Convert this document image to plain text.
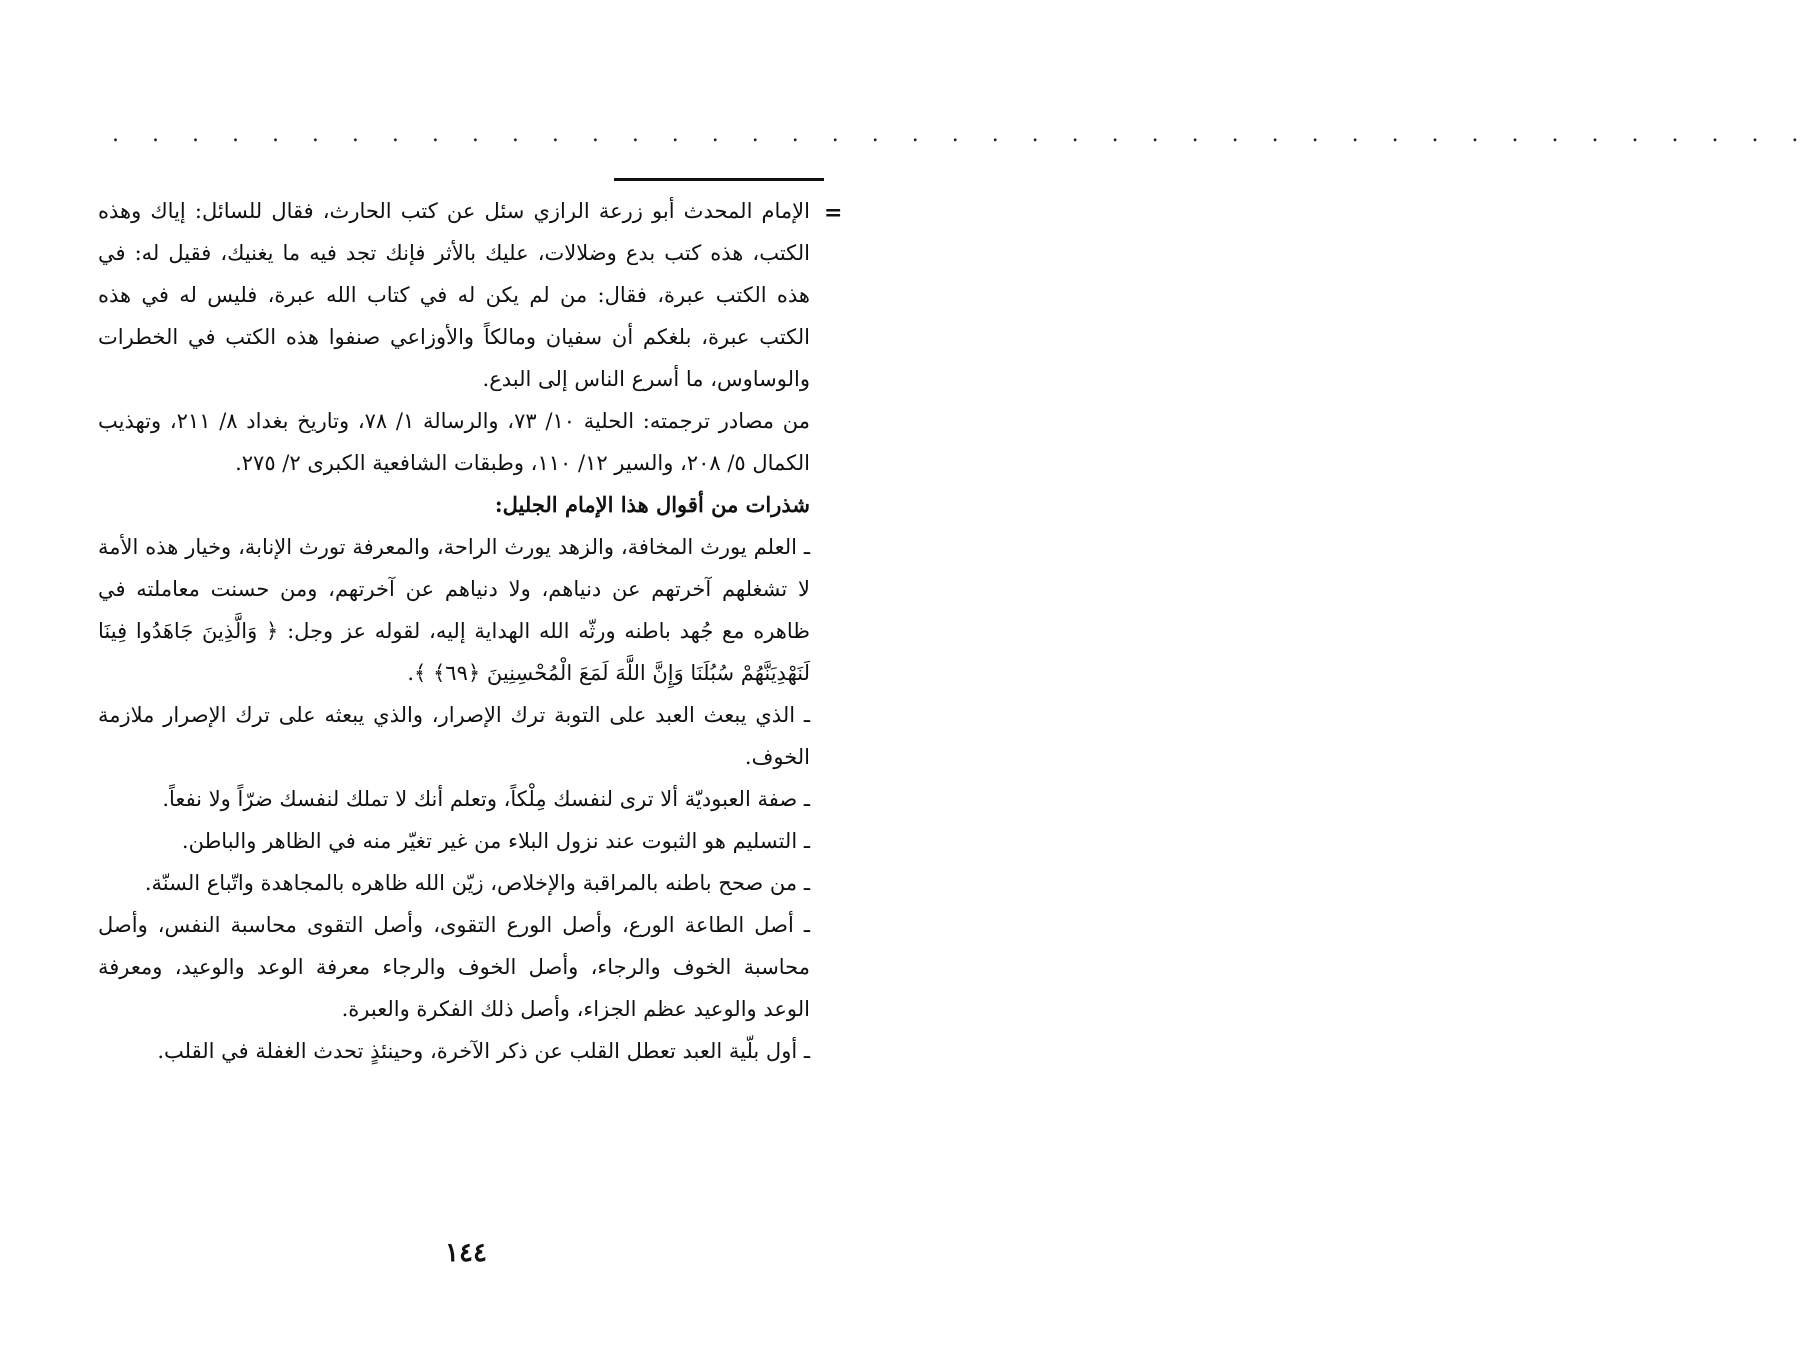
. . . . . . . . . . . . . . . . . . . . . . . . . . . . . . . . . . . . . . . . . . .
=

الإمام المحدث أبو زرعة الرازي سئل عن كتب الحارث، فقال للسائل: إياك وهذه الكتب، هذه كتب بدع وضلالات، عليك بالأثر فإنك تجد فيه ما يغنيك، فقيل له: في هذه الكتب عبرة، فقال: من لم يكن له في كتاب الله عبرة، فليس له في هذه الكتب عبرة، بلغكم أن سفيان ومالكاً والأوزاعي صنفوا هذه الكتب في الخطرات والوساوس، ما أسرع الناس إلى البدع.

من مصادر ترجمته: الحلية ١٠/ ٧٣، والرسالة ١/ ٧٨، وتاريخ بغداد ٨/ ٢١١، وتهذيب الكمال ٥/ ٢٠٨، والسير ١٢/ ١١٠، وطبقات الشافعية الكبرى ٢/ ٢٧٥.

شذرات من أقوال هذا الإمام الجليل:

ـ العلم يورث المخافة، والزهد يورث الراحة، والمعرفة تورث الإنابة، وخيار هذه الأمة لا تشغلهم آخرتهم عن دنياهم، ولا دنياهم عن آخرتهم، ومن حسنت معاملته في ظاهره مع جُهد باطنه ورثّه الله الهداية إليه، لقوله عز وجل: ﴿ وَالَّذِينَ جَاهَدُوا فِينَا لَنَهْدِيَنَّهُمْ سُبُلَنَا وَإِنَّ اللَّهَ لَمَعَ الْمُحْسِنِينَ ﴿٦٩﴾ ﴾.

ـ الذي يبعث العبد على التوبة ترك الإصرار، والذي يبعثه على ترك الإصرار ملازمة الخوف.

ـ صفة العبوديّة ألا ترى لنفسك مِلْكاً، وتعلم أنك لا تملك لنفسك ضرّاً ولا نفعاً.

ـ التسليم هو الثبوت عند نزول البلاء من غير تغيّر منه في الظاهر والباطن.

ـ من صحح باطنه بالمراقبة والإخلاص، زيّن الله ظاهره بالمجاهدة واتّباع السنّة.

ـ أصل الطاعة الورع، وأصل الورع التقوى، وأصل التقوى محاسبة النفس، وأصل محاسبة الخوف والرجاء، وأصل الخوف والرجاء معرفة الوعد والوعيد، ومعرفة الوعد والوعيد عظم الجزاء، وأصل ذلك الفكرة والعبرة.

ـ أول بلّية العبد تعطل القلب عن ذكر الآخرة، وحينئذٍ تحدث الغفلة في القلب.

١٤٤
